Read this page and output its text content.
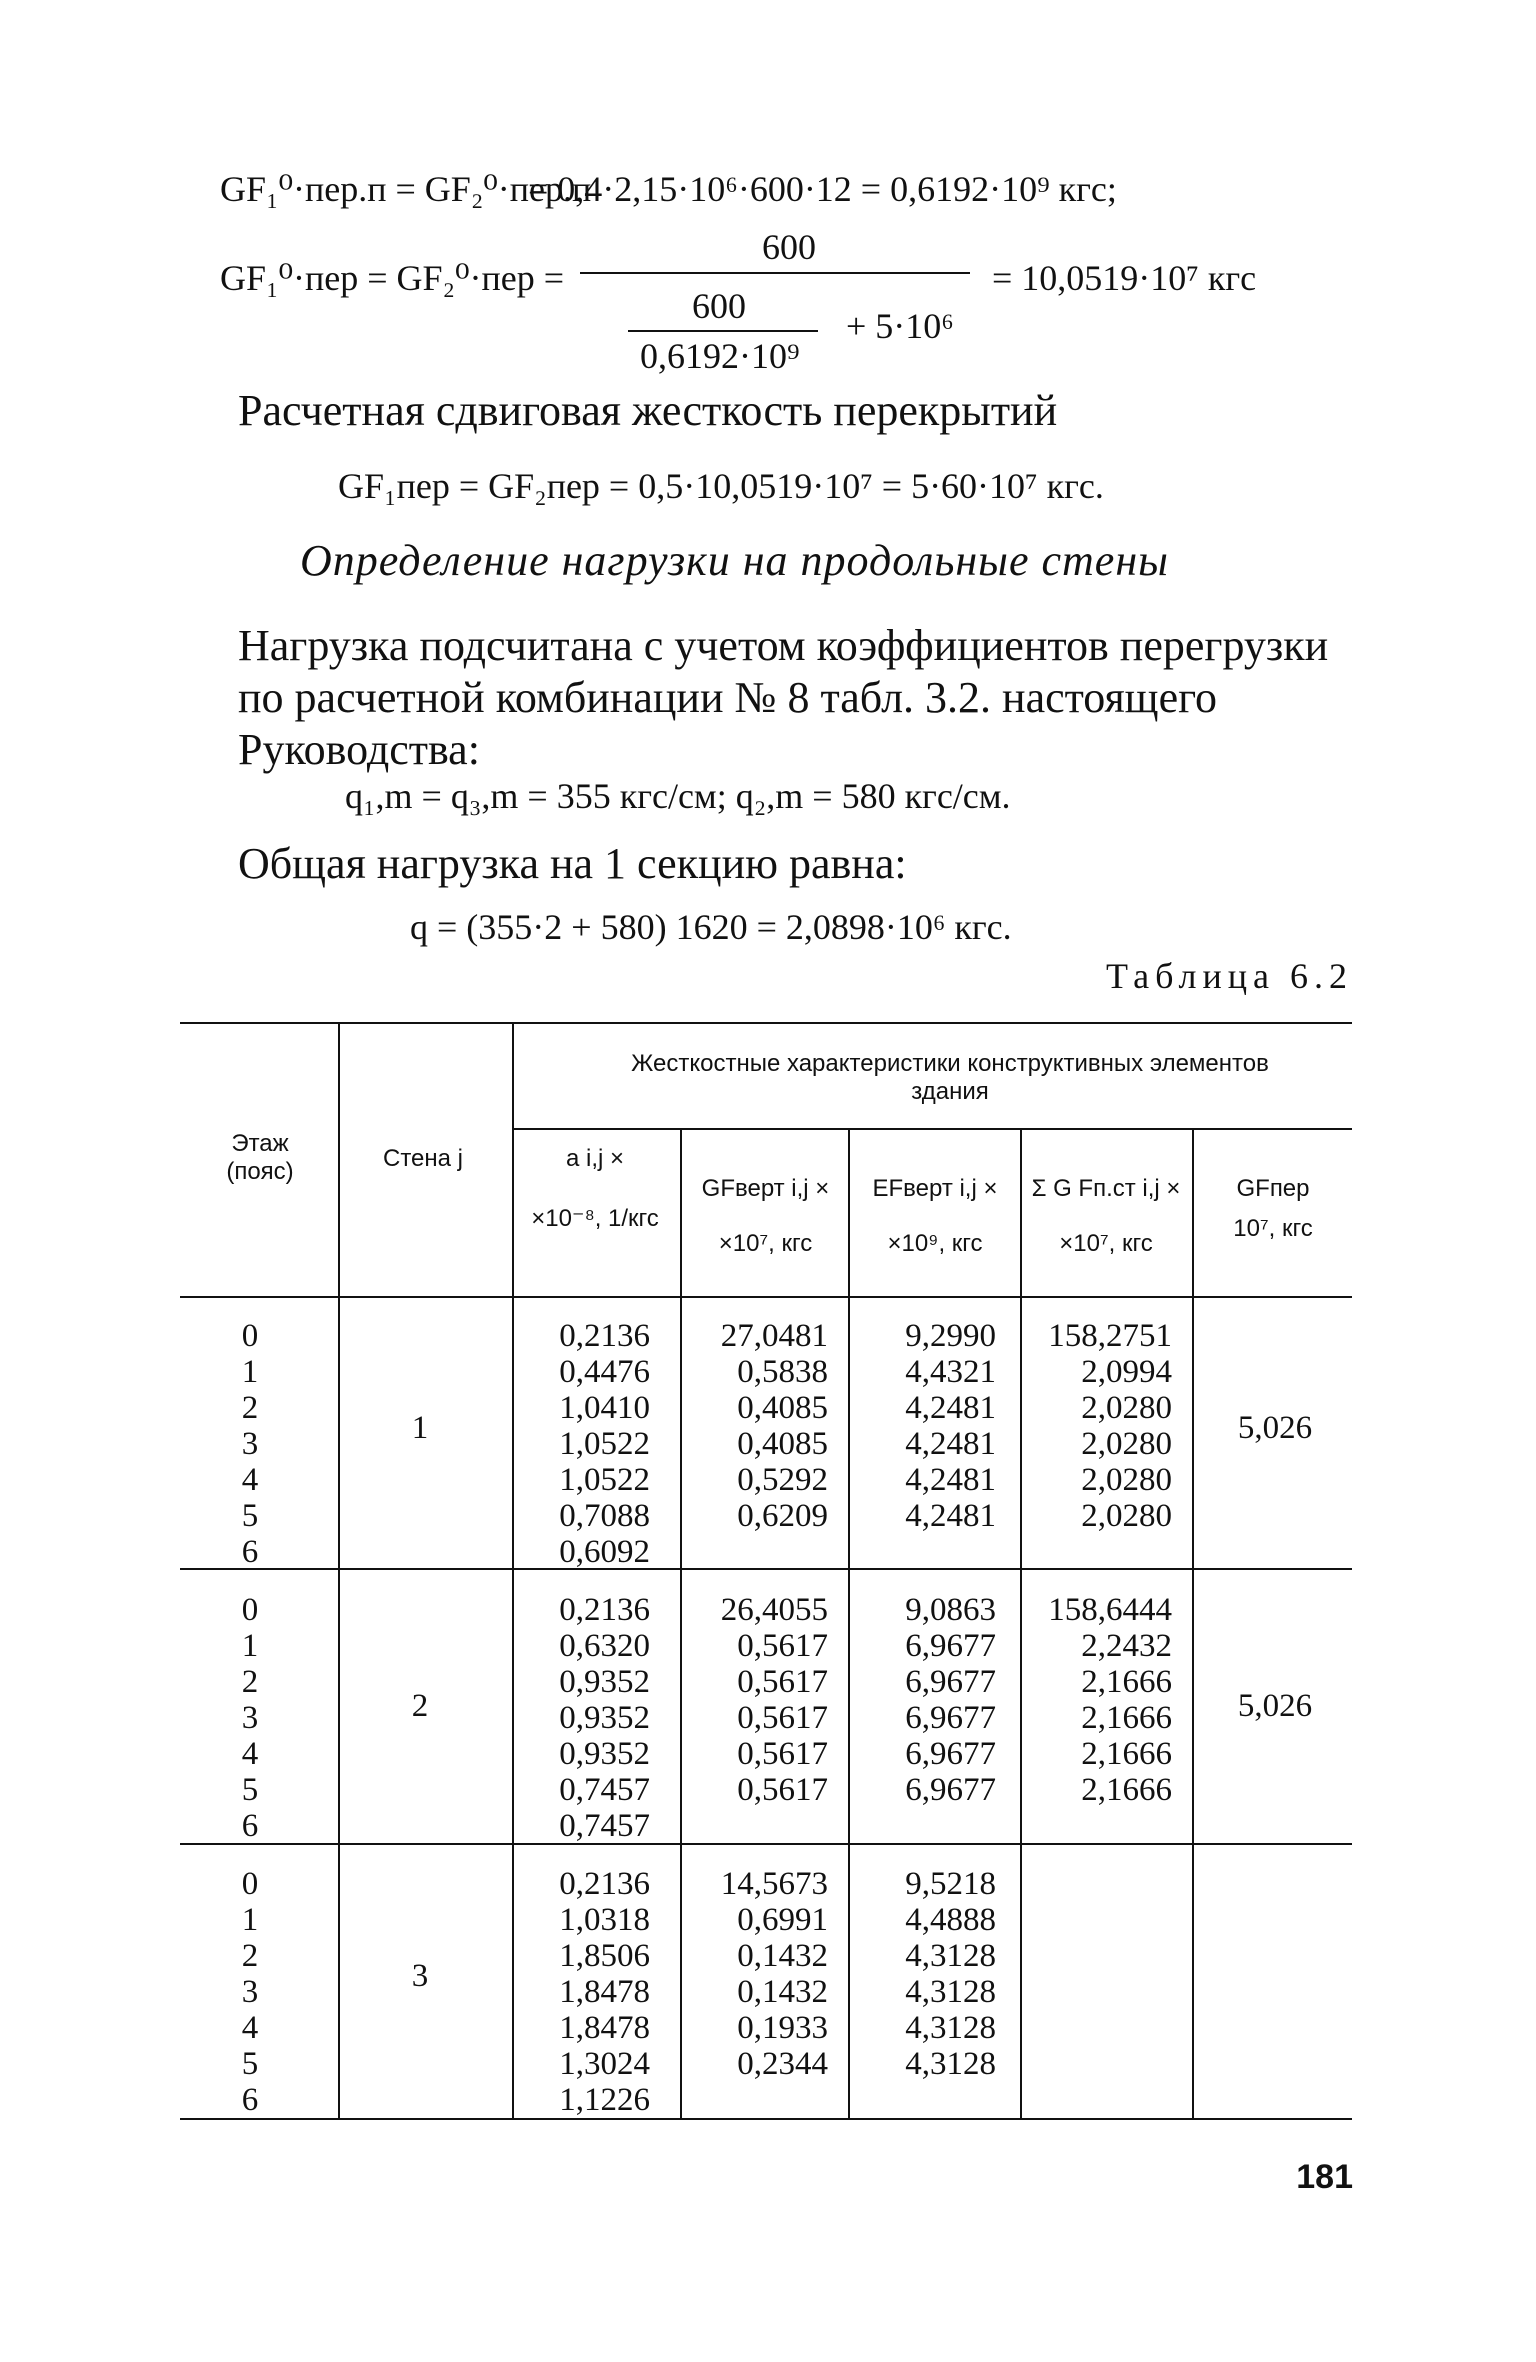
GF₁⁰·пер.п = GF₂⁰·пер.п
= 0,4·2,15·10⁶·600·12 = 0,6192·10⁹ кгс;
GF₁⁰·пер = GF₂⁰·пер =
600
600
0,6192·10⁹
+ 5·10⁶
= 10,0519·10⁷ кгс
Расчетная сдвиговая жесткость перекрытий
GF₁пер = GF₂пер = 0,5·10,0519·10⁷ = 5·60·10⁷ кгс.
Определение нагрузки на продольные стены
Нагрузка подсчитана с учетом коэффициентов перегрузки по расчетной комбинации № 8 табл. 3.2. настоящего Руководства:
q₁,m = q₃,m = 355 кгс/см; q₂,m = 580 кгс/см.
Общая нагрузка на 1 секцию равна:
q = (355·2 + 580) 1620 = 2,0898·10⁶ кгс.
Таблица 6.2
Жесткостные характеристики конструктивных элементов здания
Этаж (пояс)	Стена j	a i,j ×
×10⁻⁸, 1/кгс
GFверт i,j ×
×10⁷, кгс
EFверт i,j ×
×10⁹, кгс
Σ G Fп.ст i,j ×
×10⁷, кгс
GFпер
10⁷, кгс
0
1
2
3
4
5
6
1
0,2136
0,4476
1,0410
1,0522
1,0522
0,7088
0,6092
27,0481
0,5838
0,4085
0,4085
0,5292
0,6209
9,2990
4,4321
4,2481
4,2481
4,2481
4,2481
158,2751
2,0994
2,0280
2,0280
2,0280
2,0280
5,026
0
1
2
3
4
5
6
2
0,2136
0,6320
0,9352
0,9352
0,9352
0,7457
0,7457
26,4055
0,5617
0,5617
0,5617
0,5617
0,5617
9,0863
6,9677
6,9677
6,9677
6,9677
6,9677
158,6444
2,2432
2,1666
2,1666
2,1666
2,1666
5,026
0
1
2
3
4
5
6
3
0,2136
1,0318
1,8506
1,8478
1,8478
1,3024
1,1226
14,5673
0,6991
0,1432
0,1432
0,1933
0,2344
9,5218
4,4888
4,3128
4,3128
4,3128
4,3128
181
